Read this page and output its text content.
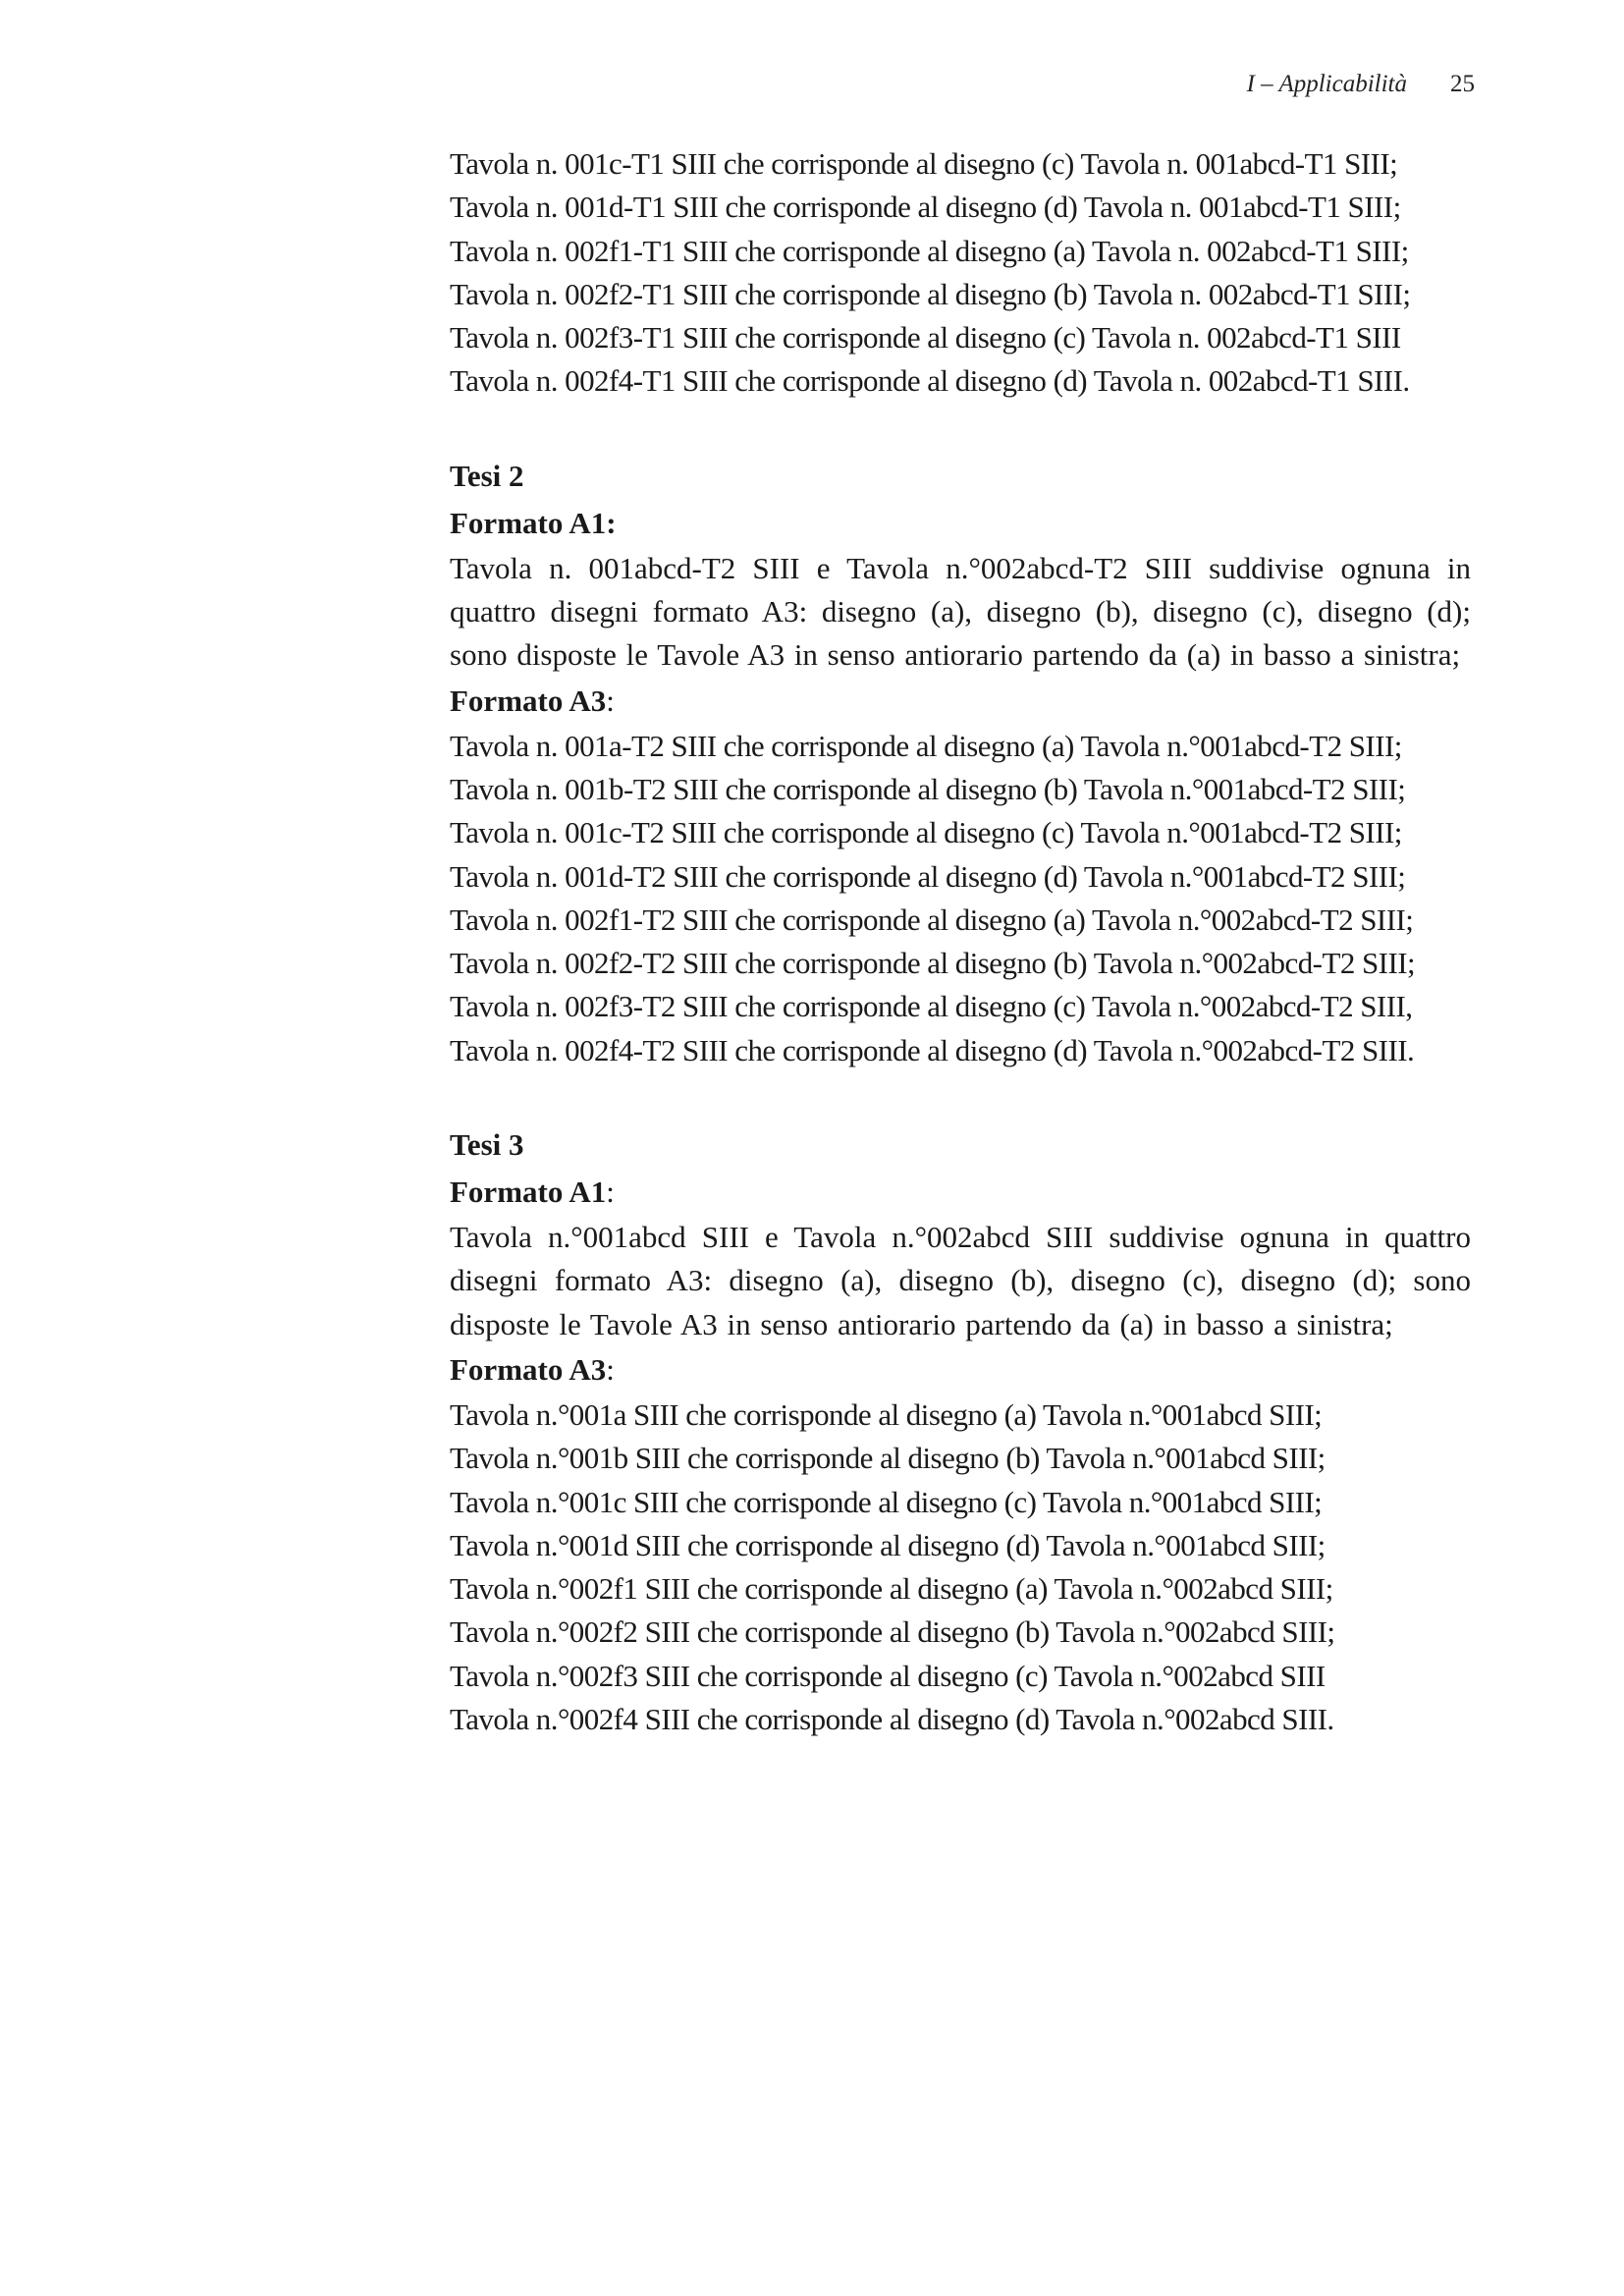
I – Applicabilità 25
Tavola n. 001c-T1 SIII che corrisponde al disegno (c) Tavola n. 001abcd-T1 SIII;
Tavola n. 001d-T1 SIII che corrisponde al disegno (d) Tavola n. 001abcd-T1 SIII;
Tavola n. 002f1-T1 SIII che corrisponde al disegno (a) Tavola n. 002abcd-T1 SIII;
Tavola n. 002f2-T1 SIII che corrisponde al disegno (b) Tavola n. 002abcd-T1 SIII;
Tavola n. 002f3-T1 SIII che corrisponde al disegno (c) Tavola n. 002abcd-T1 SIII
Tavola n. 002f4-T1 SIII che corrisponde al disegno (d) Tavola n. 002abcd-T1 SIII.
Tesi 2
Formato A1:
Tavola n. 001abcd-T2 SIII e Tavola n.°002abcd-T2 SIII suddivise ognuna in quattro disegni formato A3: disegno (a), disegno (b), disegno (c), disegno (d); sono disposte le Tavole A3 in senso antiorario partendo da (a) in basso a sinistra;
Formato A3:
Tavola n. 001a-T2 SIII che corrisponde al disegno (a) Tavola n.°001abcd-T2 SIII;
Tavola n. 001b-T2 SIII che corrisponde al disegno (b) Tavola n.°001abcd-T2 SIII;
Tavola n. 001c-T2 SIII che corrisponde al disegno (c) Tavola n.°001abcd-T2 SIII;
Tavola n. 001d-T2 SIII che corrisponde al disegno (d) Tavola n.°001abcd-T2 SIII;
Tavola n. 002f1-T2 SIII che corrisponde al disegno (a) Tavola n.°002abcd-T2 SIII;
Tavola n. 002f2-T2 SIII che corrisponde al disegno (b) Tavola n.°002abcd-T2 SIII;
Tavola n. 002f3-T2 SIII che corrisponde al disegno (c) Tavola n.°002abcd-T2 SIII,
Tavola n. 002f4-T2 SIII che corrisponde al disegno (d) Tavola n.°002abcd-T2 SIII.
Tesi 3
Formato A1:
Tavola n.°001abcd SIII e Tavola n.°002abcd SIII suddivise ognuna in quattro disegni formato A3: disegno (a), disegno (b), disegno (c), disegno (d); sono disposte le Tavole A3 in senso antiorario partendo da (a) in basso a sinistra;
Formato A3:
Tavola n.°001a SIII che corrisponde al disegno (a) Tavola n.°001abcd SIII;
Tavola n.°001b SIII che corrisponde al disegno (b) Tavola n.°001abcd SIII;
Tavola n.°001c SIII che corrisponde al disegno (c) Tavola n.°001abcd SIII;
Tavola n.°001d SIII che corrisponde al disegno (d) Tavola n.°001abcd SIII;
Tavola n.°002f1 SIII che corrisponde al disegno (a) Tavola n.°002abcd SIII;
Tavola n.°002f2 SIII che corrisponde al disegno (b) Tavola n.°002abcd SIII;
Tavola n.°002f3 SIII che corrisponde al disegno (c) Tavola n.°002abcd SIII
Tavola n.°002f4 SIII che corrisponde al disegno (d) Tavola n.°002abcd SIII.
